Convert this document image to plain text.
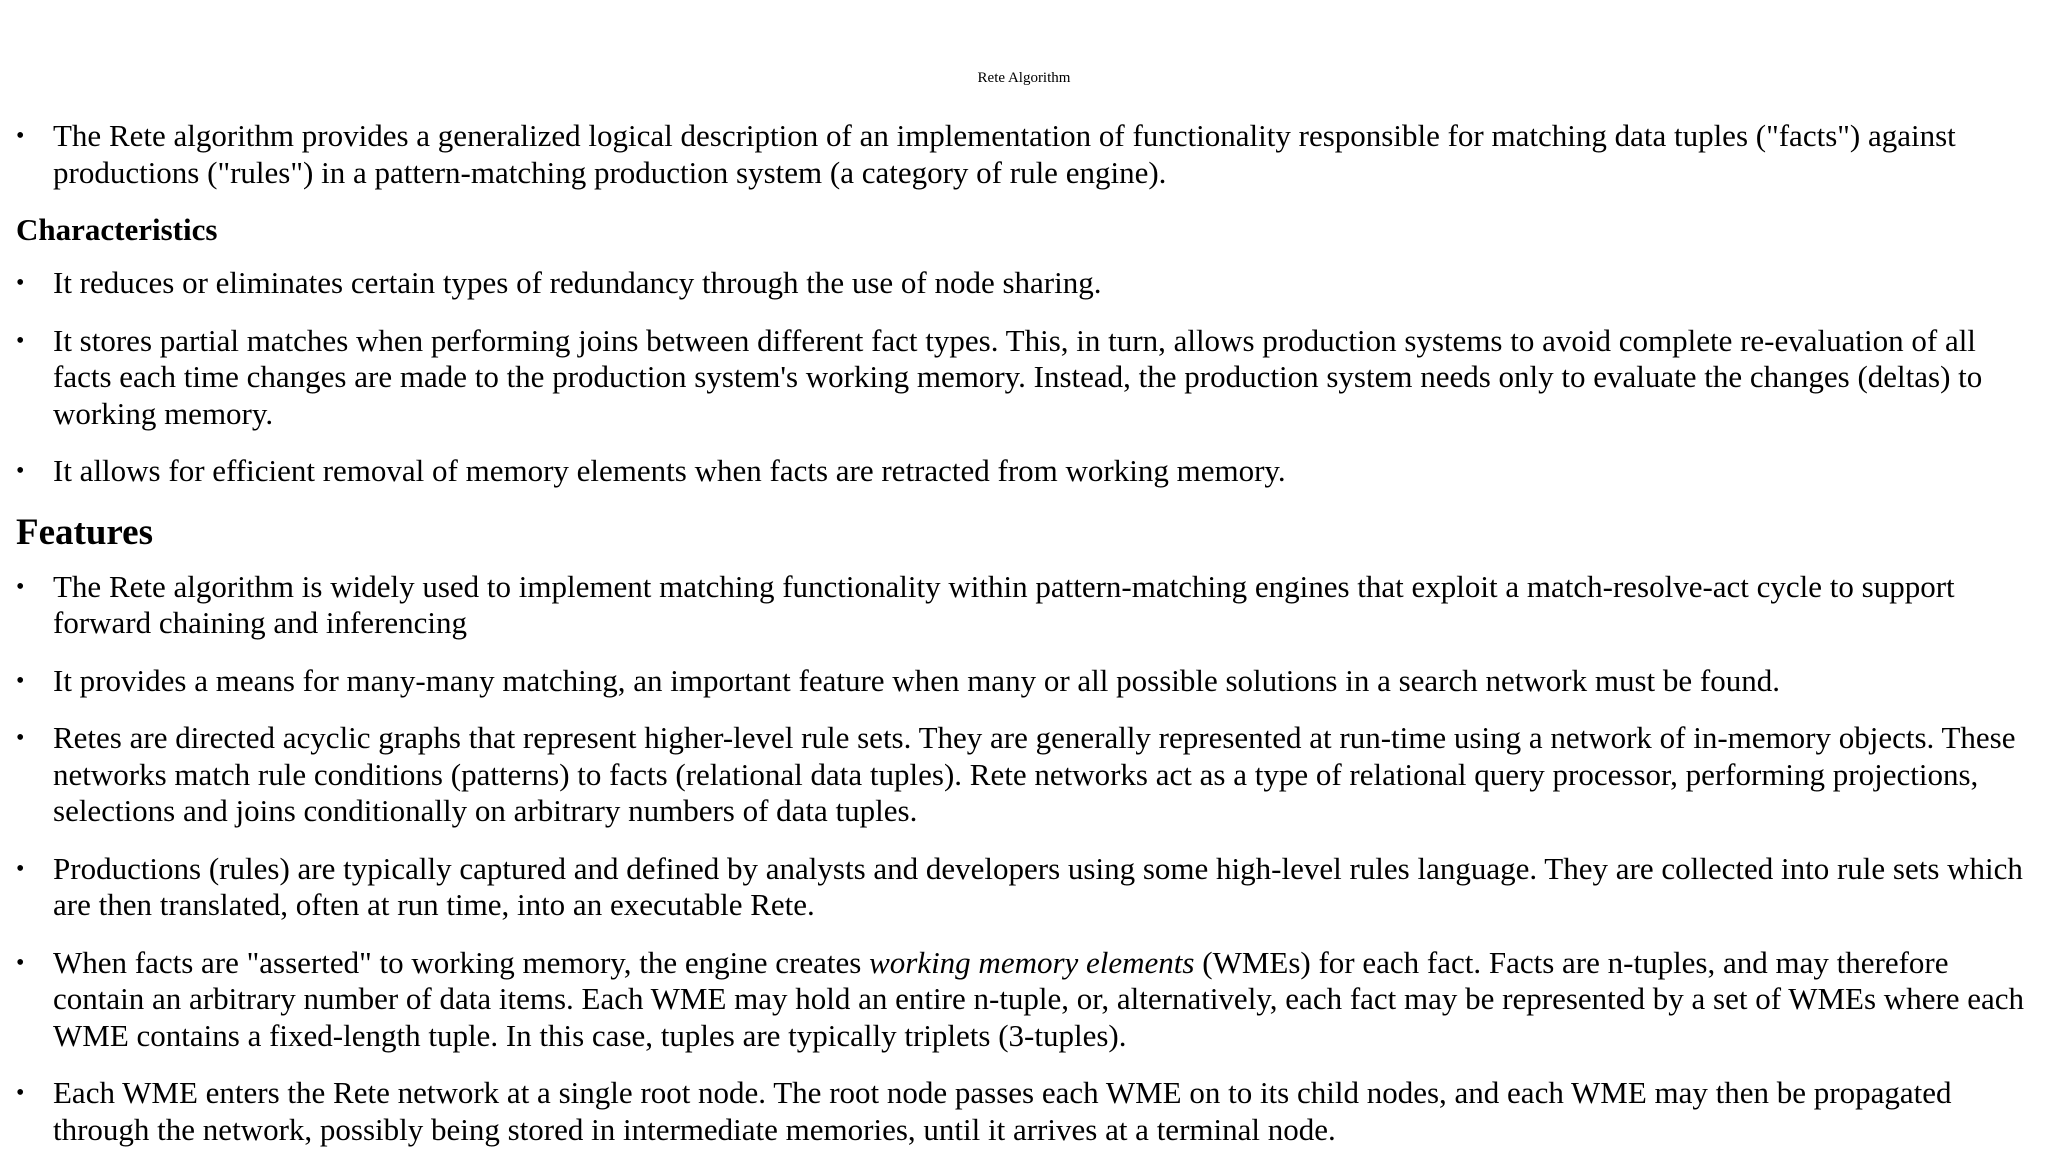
Rete Algorithm
• The Rete algorithm provides a generalized logical description of an implementation of functionality responsible for matching data tuples ("facts") against productions ("rules") in a pattern-matching production system (a category of rule engine).
Characteristics
• It reduces or eliminates certain types of redundancy through the use of node sharing.
• It stores partial matches when performing joins between different fact types. This, in turn, allows production systems to avoid complete re-evaluation of all facts each time changes are made to the production system's working memory. Instead, the production system needs only to evaluate the changes (deltas) to working memory.
• It allows for efficient removal of memory elements when facts are retracted from working memory.
Features
• The Rete algorithm is widely used to implement matching functionality within pattern-matching engines that exploit a match-resolve-act cycle to support forward chaining and inferencing
• It provides a means for many-many matching, an important feature when many or all possible solutions in a search network must be found.
• Retes are directed acyclic graphs that represent higher-level rule sets. They are generally represented at run-time using a network of in-memory objects. These networks match rule conditions (patterns) to facts (relational data tuples). Rete networks act as a type of relational query processor, performing projections, selections and joins conditionally on arbitrary numbers of data tuples.
• Productions (rules) are typically captured and defined by analysts and developers using some high-level rules language. They are collected into rule sets which are then translated, often at run time, into an executable Rete.
• When facts are "asserted" to working memory, the engine creates working memory elements (WMEs) for each fact. Facts are n-tuples, and may therefore contain an arbitrary number of data items. Each WME may hold an entire n-tuple, or, alternatively, each fact may be represented by a set of WMEs where each WME contains a fixed-length tuple. In this case, tuples are typically triplets (3-tuples).
• Each WME enters the Rete network at a single root node. The root node passes each WME on to its child nodes, and each WME may then be propagated through the network, possibly being stored in intermediate memories, until it arrives at a terminal node.
